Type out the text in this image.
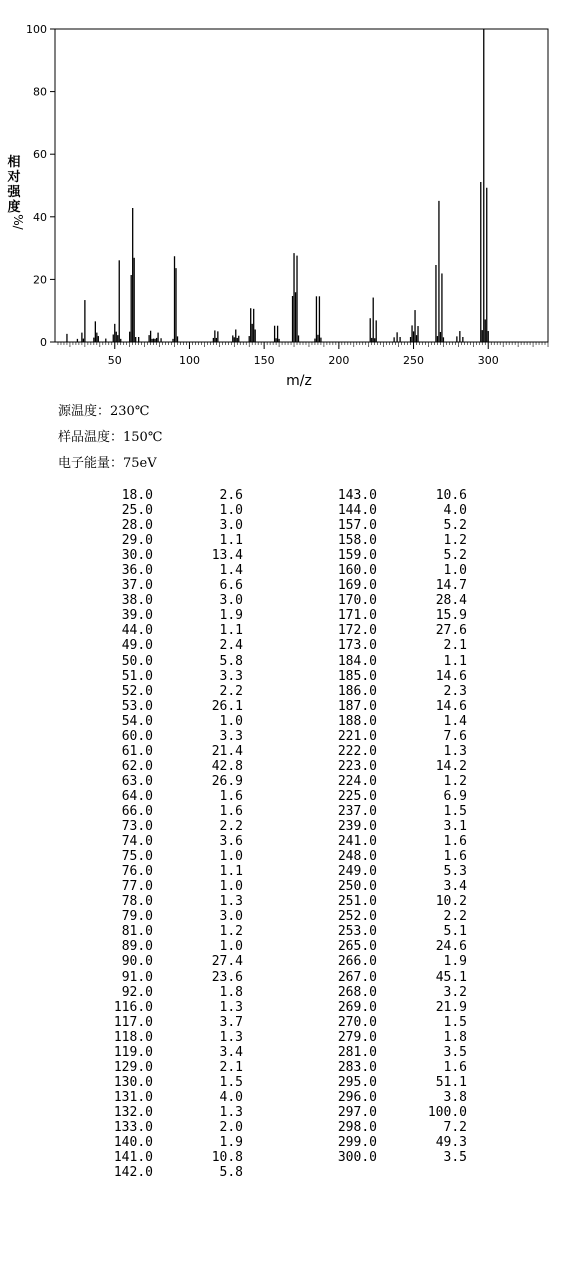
0
20
40
60
80
100
50	100	150	200	250	300
m/z
相
对
强
度
%/
源温度：230℃
样品温度：150℃
电子能量：75eV
18.0	2.6
25.0	1.0
28.0	3.0
29.0	1.1
30.0	13.4
36.0	1.4
37.0	6.6
38.0	3.0
39.0	1.9
44.0	1.1
49.0	2.4
50.0	5.8
51.0	3.3
52.0	2.2
53.0	26.1
54.0	1.0
60.0	3.3
61.0	21.4
62.0	42.8
63.0	26.9
64.0	1.6
66.0	1.6
73.0	2.2
74.0	3.6
75.0	1.0
76.0	1.1
77.0	1.0
78.0	1.3
79.0	3.0
81.0	1.2
89.0	1.0
90.0	27.4
91.0	23.6
92.0	1.8
116.0	1.3
117.0	3.7
118.0	1.3
119.0	3.4
129.0	2.1
130.0	1.5
131.0	4.0
132.0	1.3
133.0	2.0
140.0	1.9
141.0	10.8
142.0	5.8
143.0	10.6
144.0	4.0
157.0	5.2
158.0	1.2
159.0	5.2
160.0	1.0
169.0	14.7
170.0	28.4
171.0	15.9
172.0	27.6
173.0	2.1
184.0	1.1
185.0	14.6
186.0	2.3
187.0	14.6
188.0	1.4
221.0	7.6
222.0	1.3
223.0	14.2
224.0	1.2
225.0	6.9
237.0	1.5
239.0	3.1
241.0	1.6
248.0	1.6
249.0	5.3
250.0	3.4
251.0	10.2
252.0	2.2
253.0	5.1
265.0	24.6
266.0	1.9
267.0	45.1
268.0	3.2
269.0	21.9
270.0	1.5
279.0	1.8
281.0	3.5
283.0	1.6
295.0	51.1
296.0	3.8
297.0	100.0
298.0	7.2
299.0	49.3
300.0	3.5
